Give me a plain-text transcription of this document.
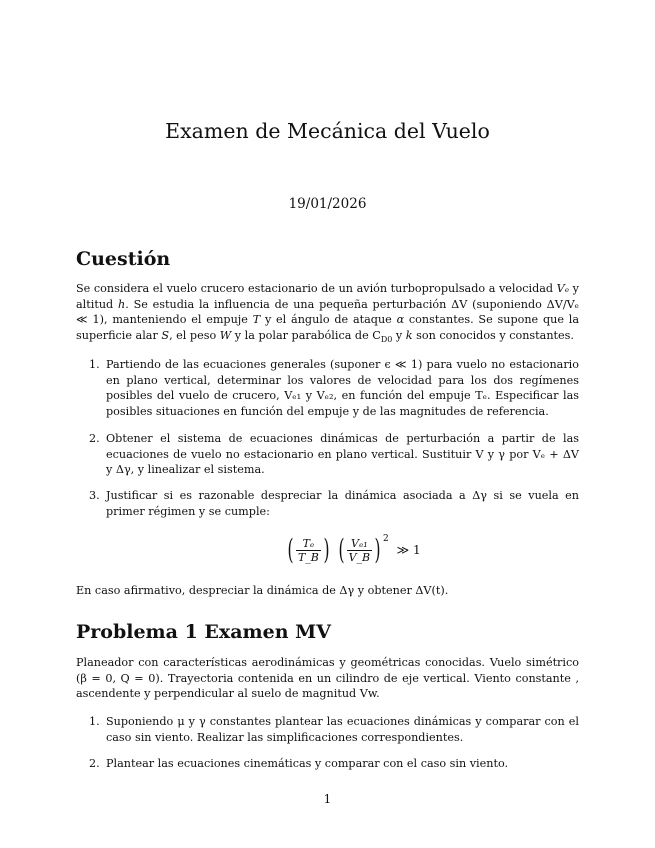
Examen de Mecánica del Vuelo
19/01/2026
Cuestión

Se considera el vuelo crucero estacionario de un avión turbopropulsado a velocidad Vₑ y altitud h. Se estudia la influencia de una pequeña perturbación ΔV (suponiendo ΔV/Vₑ ≪ 1), manteniendo el empuje T y el ángulo de ataque α constantes. Se supone que la superficie alar S, el peso W y la polar parabólica de $C_{D0}$ y k son conocidos y constantes.

1. Partiendo de las ecuaciones generales (suponer ϵ ≪ 1) para vuelo no estacionario en plano vertical, determinar los valores de velocidad para los dos regímenes posibles del vuelo de crucero, Vₑ₁ y Vₑ₂, en función del empuje Tₑ. Especificar las posibles situaciones en función del empuje y de las magnitudes de referencia.
2. Obtener el sistema de ecuaciones dinámicas de perturbación a partir de las ecuaciones de vuelo no estacionario en plano vertical. Sustituir V y γ por Vₑ + ΔV y Δγ, y linealizar el sistema.
3. Justificar si es razonable despreciar la dinámica asociada a Δγ si se vuela en primer régimen y se cumple:
( $\frac{\text{Tₑ}}{T\_B}$ ) ( $\frac{\text{Vₑ₁}}{V\_B}$ ) $^2$ ≫ 1

En caso afirmativo, despreciar la dinámica de Δγ y obtener ΔV(t).

Problema 1 Examen MV

Planeador con características aerodinámicas y geométricas conocidas. Vuelo simétrico (β = 0, Q = 0). Trayectoria contenida en un cilindro de eje vertical. Viento constante , ascendente y perpendicular al suelo de magnitud Vw.

1. Suponiendo μ y γ constantes plantear las ecuaciones dinámicas y comparar con el caso sin viento. Realizar las simplificaciones correspondientes.
2. Plantear las ecuaciones cinemáticas y comparar con el caso sin viento.
1
